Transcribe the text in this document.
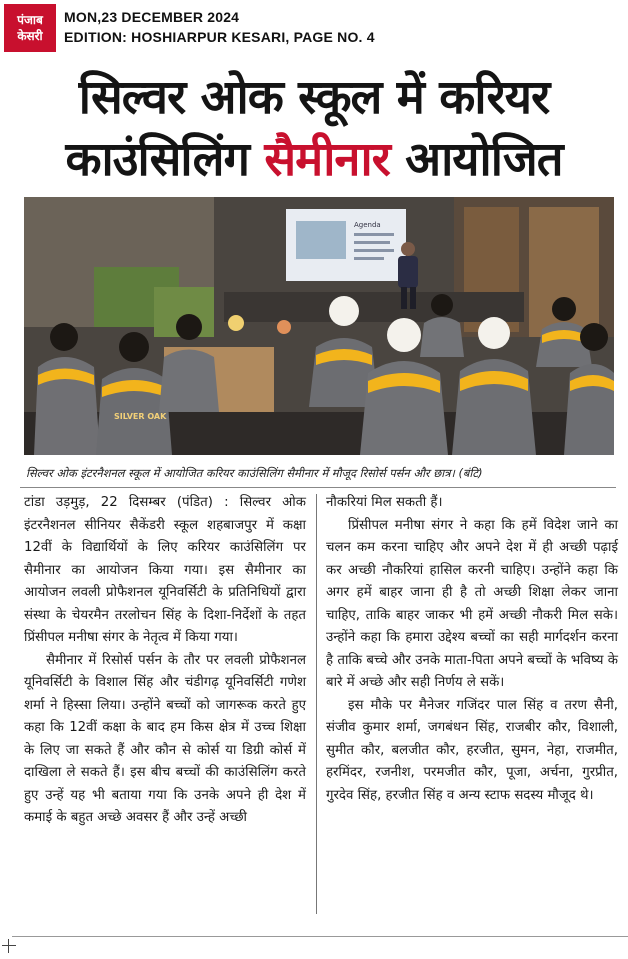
पंजाब
केसरी
MON,23 DECEMBER 2024
EDITION: HOSHIARPUR KESARI, PAGE NO. 4
सिल्वर ओक स्कूल में करियर
काउंसिलिंग सैमीनार आयोजित
Agenda
SILVER OAK
सिल्वर ओक इंटरनैशनल स्कूल में आयोजित करियर काउंसिलिंग सैमीनार में मौजूद रिसोर्स पर्सन और छात्र। (बंटि)

टांडा उड़मुड़, 22 दिसम्बर (पंडित) : सिल्वर ओक इंटरनैशनल सीनियर सैकेंडरी स्कूल शहबाजपुर में कक्षा 12वीं के विद्यार्थियों के लिए करियर काउंसिलिंग पर सैमीनार का आयोजन किया गया। इस सैमीनार का आयोजन लवली प्रोफैशनल यूनिवर्सिटी के प्रतिनिधियों द्वारा संस्था के चेयरमैन तरलोचन सिंह के दिशा-निर्देशों के तहत प्रिंसीपल मनीषा संगर के नेतृत्व में किया गया।

सैमीनार में रिसोर्स पर्सन के तौर पर लवली प्रोफैशनल यूनिवर्सिटी के विशाल सिंह और चंडीगढ़ यूनिवर्सिटी गणेश शर्मा ने हिस्सा लिया। उन्होंने बच्चों को जागरूक करते हुए कहा कि 12वीं कक्षा के बाद हम किस क्षेत्र में उच्च शिक्षा के लिए जा सकते हैं और कौन से कोर्स या डिग्री कोर्स में दाखिला ले सकते हैं। इस बीच बच्चों की काउंसिलिंग करते हुए उन्हें यह भी बताया गया कि उनके अपने ही देश में कमाई के बहुत अच्छे अवसर हैं और उन्हें अच्छी

नौकरियां मिल सकती हैं।

प्रिंसीपल मनीषा संगर ने कहा कि हमें विदेश जाने का चलन कम करना चाहिए और अपने देश में ही अच्छी पढ़ाई कर अच्छी नौकरियां हासिल करनी चाहिए। उन्होंने कहा कि अगर हमें बाहर जाना ही है तो अच्छी शिक्षा लेकर जाना चाहिए, ताकि बाहर जाकर भी हमें अच्छी नौकरी मिल सके। उन्होंने कहा कि हमारा उद्देश्य बच्चों का सही मार्गदर्शन करना है ताकि बच्चे और उनके माता-पिता अपने बच्चों के भविष्य के बारे में अच्छे और सही निर्णय ले सकें।

इस मौके पर मैनेजर गजिंदर पाल सिंह व तरण सैनी, संजीव कुमार शर्मा, जगबंधन सिंह, राजबीर कौर, विशाली, सुमीत कौर, बलजीत कौर, हरजीत, सुमन, नेहा, राजमीत, हरमिंदर, रजनीश, परमजीत कौर, पूजा, अर्चना, गुरप्रीत, गुरदेव सिंह, हरजीत सिंह व अन्य स्टाफ सदस्य मौजूद थे।
